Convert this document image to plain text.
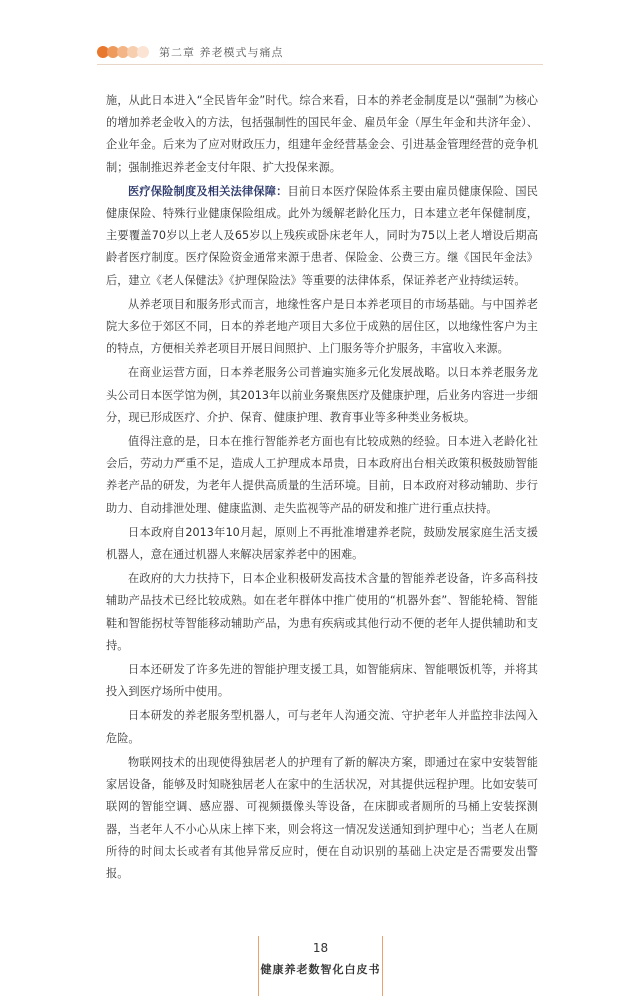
第二章 养老模式与痛点

施，从此日本进入“全民皆年金”时代。综合来看，日本的养老金制度是以“强制”为核心的增加养老金收入的方法，包括强制性的国民年金、雇员年金（厚生年金和共济年金）、企业年金。后来为了应对财政压力，组建年金经营基金会、引进基金管理经营的竞争机制；强制推迟养老金支付年限、扩大投保来源。

医疗保险制度及相关法律保障：目前日本医疗保险体系主要由雇员健康保险、国民健康保险、特殊行业健康保险组成。此外为缓解老龄化压力，日本建立老年保健制度，主要覆盖70岁以上老人及65岁以上残疾或卧床老年人，同时为75以上老人增设后期高龄者医疗制度。医疗保险资金通常来源于患者、保险金、公费三方。继《国民年金法》后，建立《老人保健法》《护理保险法》等重要的法律体系，保证养老产业持续运转。

从养老项目和服务形式而言，地缘性客户是日本养老项目的市场基础。与中国养老院大多位于郊区不同，日本的养老地产项目大多位于成熟的居住区，以地缘性客户为主的特点，方便相关养老项目开展日间照护、上门服务等介护服务，丰富收入来源。

在商业运营方面，日本养老服务公司普遍实施多元化发展战略。以日本养老服务龙头公司日本医学馆为例，其2013年以前业务聚焦医疗及健康护理，后业务内容进一步细分，现已形成医疗、介护、保育、健康护理、教育事业等多种类业务板块。

值得注意的是，日本在推行智能养老方面也有比较成熟的经验。日本进入老龄化社会后，劳动力严重不足，造成人工护理成本昂贵，日本政府出台相关政策积极鼓励智能养老产品的研发，为老年人提供高质量的生活环境。目前，日本政府对移动辅助、步行助力、自动排泄处理、健康监测、走失监视等产品的研发和推广进行重点扶持。

日本政府自2013年10月起，原则上不再批准增建养老院，鼓励发展家庭生活支援机器人，意在通过机器人来解决居家养老中的困难。

在政府的大力扶持下，日本企业积极研发高技术含量的智能养老设备，许多高科技辅助产品技术已经比较成熟。如在老年群体中推广使用的“机器外套”、智能轮椅、智能鞋和智能拐杖等智能移动辅助产品，为患有疾病或其他行动不便的老年人提供辅助和支持。

日本还研发了许多先进的智能护理支援工具，如智能病床、智能喂饭机等，并将其投入到医疗场所中使用。

日本研发的养老服务型机器人，可与老年人沟通交流、守护老年人并监控非法闯入危险。

物联网技术的出现使得独居老人的护理有了新的解决方案，即通过在家中安装智能家居设备，能够及时知晓独居老人在家中的生活状况，对其提供远程护理。比如安装可联网的智能空调、感应器、可视频摄像头等设备，在床脚或者厕所的马桶上安装探测器，当老年人不小心从床上摔下来，则会将这一情况发送通知到护理中心；当老人在厕所待的时间太长或者有其他异常反应时，便在自动识别的基础上决定是否需要发出警报。

18
健康养老数智化白皮书
